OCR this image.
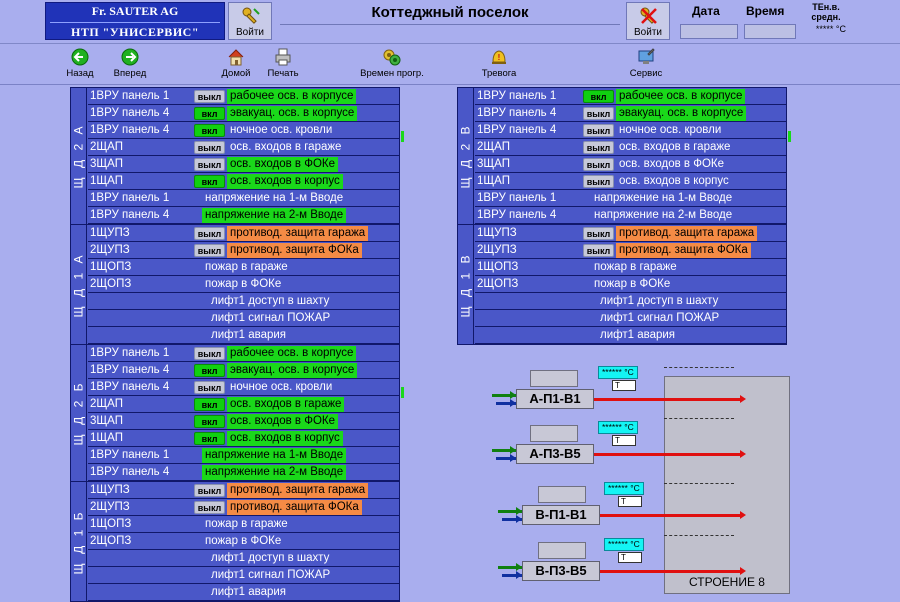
Fr. SAUTER AG
НТП "УНИСЕРВИС"	Войти
Коттеджный поселок
Войти
Дата Время	ТЕн.в.
средн.
***** °C
Назад	Вперед	Домой	Печать	Времен прогр.
!
Тревога	Сервис
Щ Д 2 А
1ВРУ панель 1	выкл рабочее осв. в корпусе
1ВРУ панель 4	вкл	эвакуац. осв. в корпусе
1ВРУ панель 4	вкл	ночное осв. кровли
2ЩАП	выкл осв. входов в гараже
3ЩАП	выкл осв. входов в ФОКе
1ЩАП	вкл	осв. входов в корпус
1ВРУ панель 1	напряжение на 1-м Вводе
1ВРУ панель 4	напряжение на 2-м Вводе
Щ Д 1 А
1ЩУПЗ	выкл противод. защита гаража
2ЩУПЗ	выкл противод. защита ФОКа
1ЩОПЗ	пожар в гараже
2ЩОПЗ	пожар в ФОКе
лифт1 доступ в шахту
лифт1 сигнал ПОЖАР
лифт1 авария
Щ Д 2 В
1ВРУ панель 1	вкл	рабочее осв. в корпусе
1ВРУ панель 4	выкл эвакуац. осв. в корпусе
1ВРУ панель 4	выкл ночное осв. кровли
2ЩАП	выкл осв. входов в гараже
3ЩАП	выкл осв. входов в ФОКе
1ЩАП	выкл осв. входов в корпус
1ВРУ панель 1	напряжение на 1-м Вводе
1ВРУ панель 4	напряжение на 2-м Вводе
Щ Д 1 В
1ЩУПЗ	выкл противод. защита гаража
2ЩУПЗ	выкл противод. защита ФОКа
1ЩОПЗ	пожар в гараже
2ЩОПЗ	пожар в ФОКе
лифт1 доступ в шахту
лифт1 сигнал ПОЖАР
лифт1 авария
Щ Д 2 Б
1ВРУ панель 1	выкл рабочее осв. в корпусе
1ВРУ панель 4	вкл	эвакуац. осв. в корпусе
1ВРУ панель 4	выкл ночное осв. кровли
2ЩАП	вкл	осв. входов в гараже
3ЩАП	вкл	осв. входов в ФОКе
1ЩАП	вкл	осв. входов в корпус
1ВРУ панель 1	напряжение на 1-м Вводе
1ВРУ панель 4	напряжение на 2-м Вводе
Щ Д 1 Б
1ЩУПЗ	выкл противод. защита гаража
2ЩУПЗ	выкл противод. защита ФОКа
1ЩОПЗ	пожар в гараже
2ЩОПЗ	пожар в ФОКе
лифт1 доступ в шахту
лифт1 сигнал ПОЖАР
лифт1 авария
СТРОЕНИЕ 8
А-П1-В1
****** °С
Т
А-П3-В5
****** °С
Т
В-П1-В1
****** °С
Т
В-П3-В5
****** °С
Т
